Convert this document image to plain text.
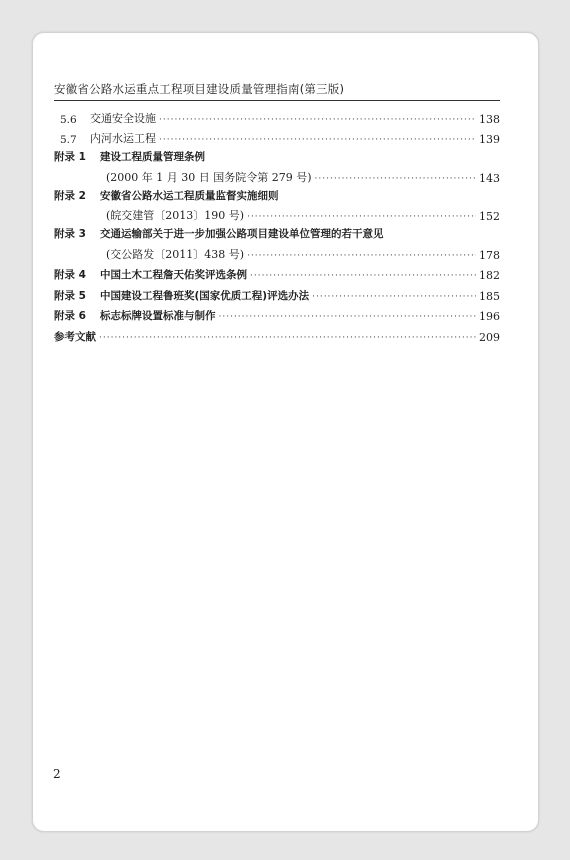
安徽省公路水运重点工程项目建设质量管理指南(第三版)
5.6	交通安全设施 ·····	138
5.7	内河水运工程 ·····	139
附录 1	建设工程质量管理条例
(2000 年 1 月 30 日 国务院令第 279 号) ·····	143
附录 2	安徽省公路水运工程质量监督实施细则
(皖交建管〔2013〕190 号) ·····	152
附录 3	交通运输部关于进一步加强公路项目建设单位管理的若干意见
(交公路发〔2011〕438 号) ·····	178
附录 4	中国土木工程詹天佑奖评选条例 ·····	182
附录 5	中国建设工程鲁班奖(国家优质工程)评选办法 ·····	185
附录 6	标志标牌设置标准与制作 ·····	196
参考文献 ·····	209
2
